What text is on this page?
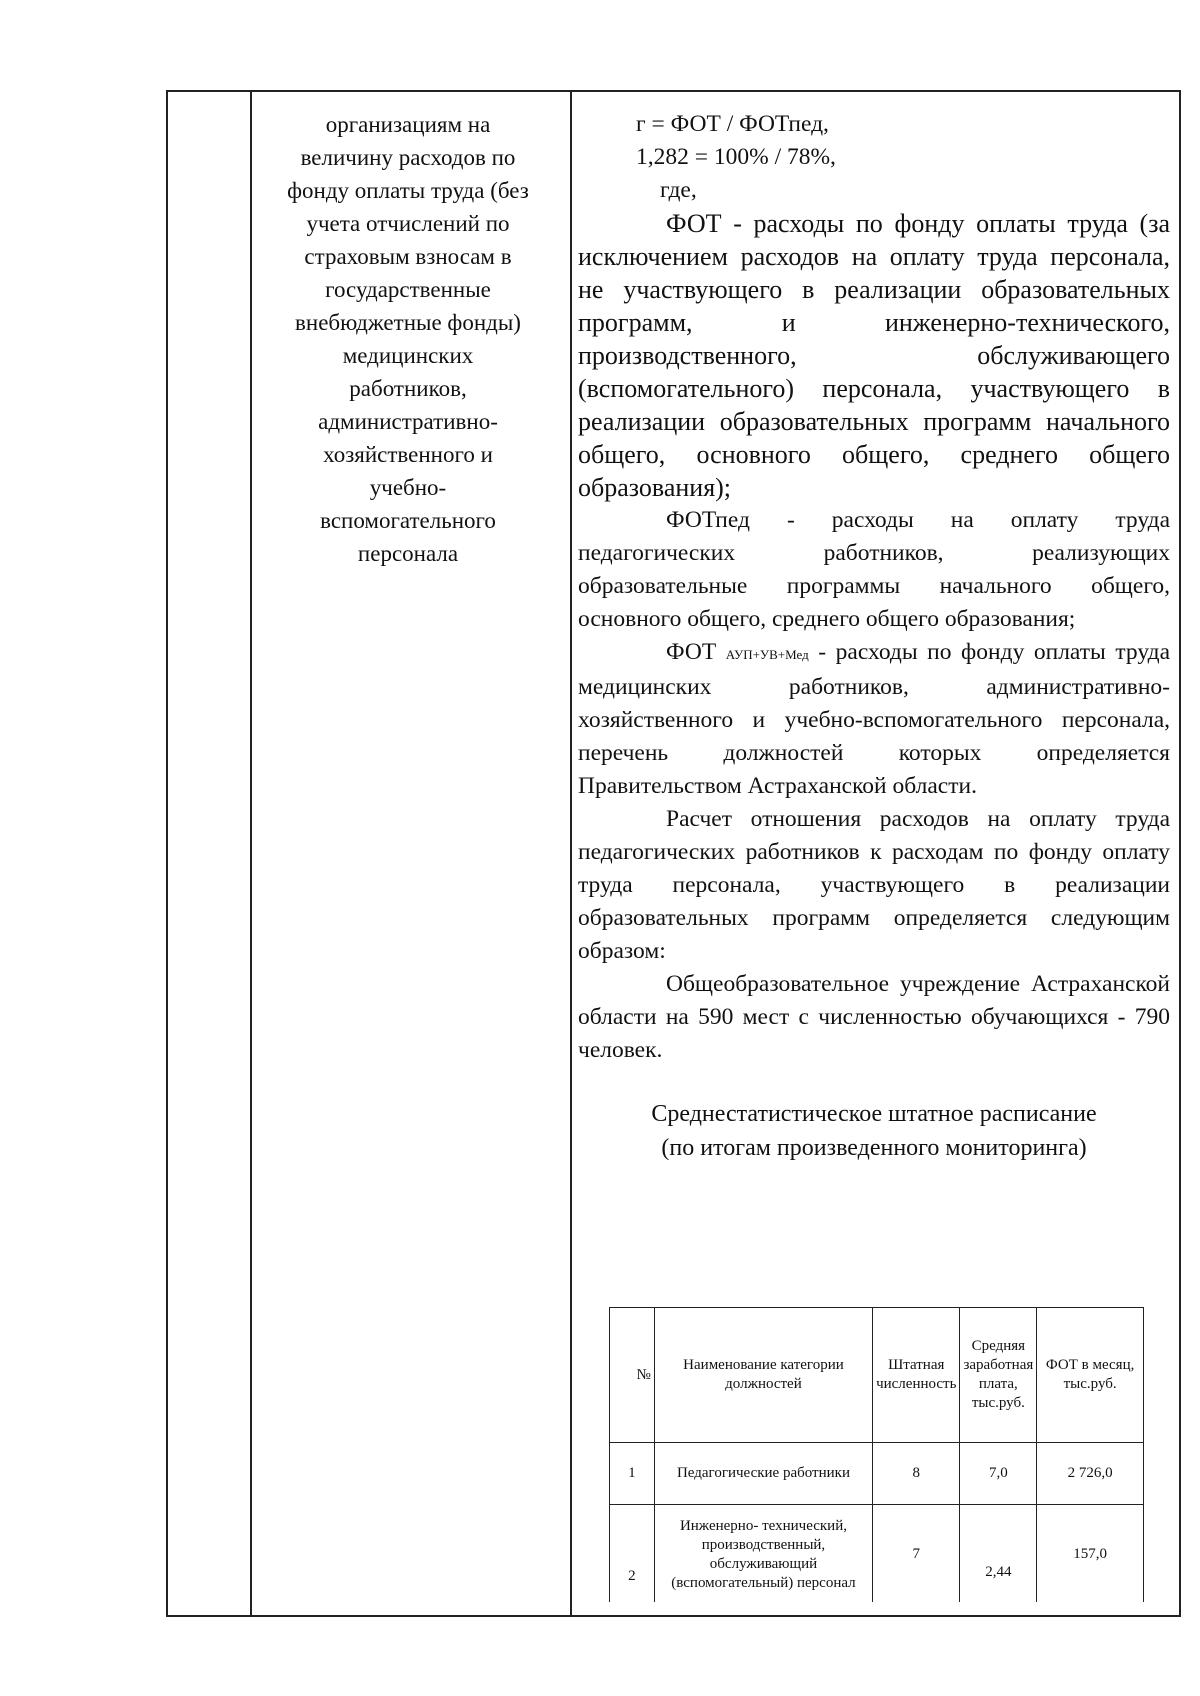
организациям на

величину расходов по

фонду оплаты труда (без

учета отчислений по

страховым взносам в

государственные

внебюджетные фонды)

медицинских

работников,

административно-

хозяйственного и

учебно-

вспомогательного

персонала

г = ФОТ / ФОТпед,

1,282 = 100% / 78%,

где,

ФОТ - расходы по фонду оплаты труда (за исключением расходов на оплату труда персонала, не участвующего в реализации образовательных программ, и инженерно-технического, производственного, обслуживающего (вспомогательного) персонала, участвующего в реализации образовательных программ начального общего, основного общего, среднего общего образования);

ФОТпед - расходы на оплату труда педагогических работников, реализующих образовательные программы начального общего, основного общего, среднего общего образования;

ФОТ АУП+УВ+Мед - расходы по фонду оплаты труда медицинских работников, административно-хозяйственного и учебно-вспомогательного персонала, перечень должностей которых определяется Правительством Астраханской области.

Расчет отношения расходов на оплату труда педагогических работников к расходам по фонду оплату труда персонала, участвующего в реализации образовательных программ определяется следующим образом:

Общеобразовательное учреждение Астраханской области на 590 мест с численностью обучающихся - 790 человек.

Среднестатистическое штатное расписание

(по итогам произведенного мониторинга)

№	Наименование категории должностей	Штатная численность	Средняя заработная плата, тыс.руб.	ФОТ в месяц, тыс.руб.
1	Педагогические работники	8	7,0	2 726,0
2	Инженерно- технический, производственный, обслуживающий (вспомогательный) персонал	7	2,44	157,0
